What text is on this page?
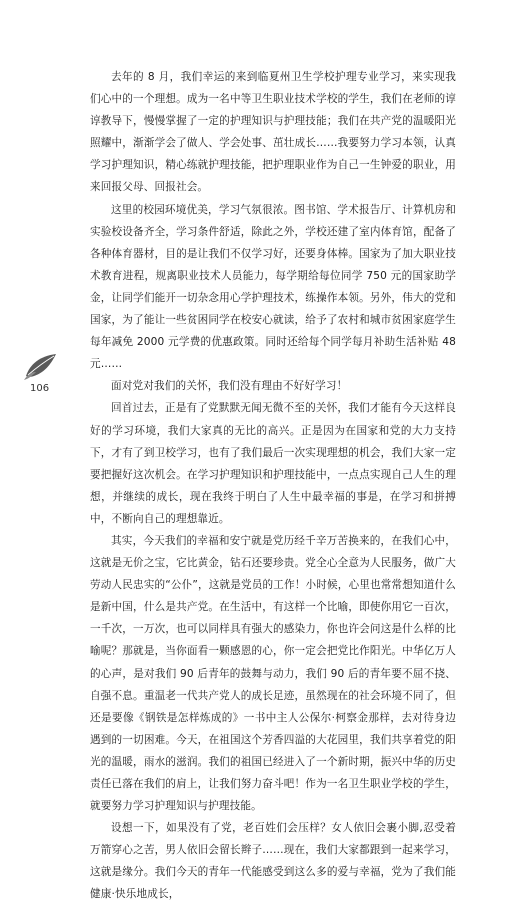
106

去年的 8 月，我们幸运的来到临夏州卫生学校护理专业学习，来实现我们心中的一个理想。成为一名中等卫生职业技术学校的学生，我们在老师的谆谆教导下，慢慢掌握了一定的护理知识与护理技能；我们在共产党的温暖阳光照耀中，渐渐学会了做人、学会处事、茁壮成长……我要努力学习本领，认真学习护理知识，精心练就护理技能，把护理职业作为自己一生钟爱的职业，用来回报父母、回报社会。

这里的校园环境优美，学习气氛很浓。图书馆、学术报告厅、计算机房和实验校设备齐全，学习条件舒适，除此之外，学校还建了室内体育馆，配备了各种体育器材，目的是让我们不仅学习好，还要身体棒。国家为了加大职业技术教育进程，规离职业技术人员能力，每学期给每位同学 750 元的国家助学金，让同学们能开一切杂念用心学护理技术，练操作本领。另外，伟大的党和国家，为了能让一些贫困同学在校安心就读，给予了农村和城市贫困家庭学生每年减免 2000 元学费的优惠政策。同时还给每个同学每月补助生活补贴 48 元……

面对党对我们的关怀，我们没有理由不好好学习！

回首过去，正是有了党默默无闻无微不至的关怀，我们才能有今天这样良好的学习环境，我们大家真的无比的高兴。正是因为在国家和党的大力支持下，才有了到卫校学习，也有了我们最后一次实现理想的机会，我们大家一定要把握好这次机会。在学习护理知识和护理技能中，一点点实现自己人生的理想，并继续的成长，现在我终于明白了人生中最幸福的事是，在学习和拼搏中，不断向自己的理想靠近。

其实，今天我们的幸福和安宁就是党历经千辛万苦换来的，在我们心中，这就是无价之宝，它比黄金，钻石还要珍贵。党全心全意为人民服务，做广大劳动人民忠实的“公仆”，这就是党员的工作！小时候，心里也常常想知道什么是新中国，什么是共产党。在生活中，有这样一个比喻，即使你用它一百次，一千次，一万次，也可以同样具有强大的感染力，你也许会问这是什么样的比喻呢？那就是，当你面看一颗感恩的心，你一定会把党比作阳光。中华亿万人的心声，是对我们 90 后青年的鼓舞与动力，我们 90 后的青年要不屈不挠、自强不息。重温老一代共产党人的成长足迹，虽然现在的社会环境不同了，但还是要像《钢铁是怎样炼成的》一书中主人公保尔·柯察金那样，去对待身边遇到的一切困难。今天，在祖国这个芳香四溢的大花园里，我们共享着党的阳光的温暖，雨水的滋润。我们的祖国已经进入了一个新时期，振兴中华的历史责任已落在我们的肩上，让我们努力奋斗吧！作为一名卫生职业学校的学生，就要努力学习护理知识与护理技能。

设想一下，如果没有了党，老百姓们会压样？女人依旧会裹小脚,忍受着万箭穿心之苦，男人依旧会留长辫子……现在，我们大家都跟到一起来学习，这就是缘分。我们今天的青年一代能感受到这么多的爱与幸福，党为了我们能健康·快乐地成长，
